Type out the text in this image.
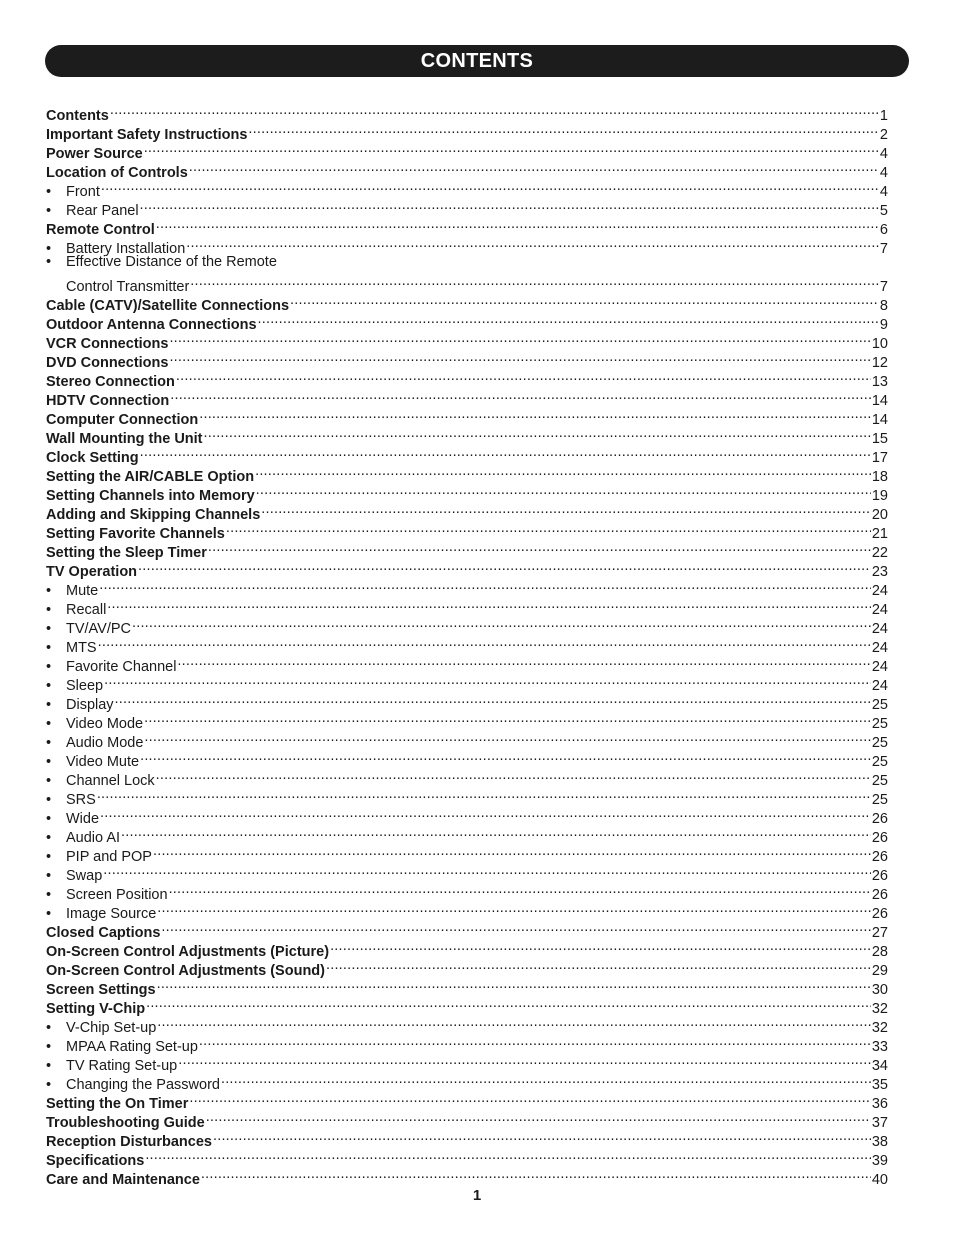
CONTENTS
Contents .....	1
Important Safety Instructions .....	2
Power Source .....	4
Location of Controls .....	4
•	Front .....	4
•	Rear Panel .....	5
Remote Control .....	6
•	Battery Installation .....	7
•	Effective Distance of the Remote
Control Transmitter .....	7
Cable (CATV)/Satellite Connections .....	8
Outdoor Antenna Connections .....	9
VCR Connections .....	10
DVD Connections .....	12
Stereo Connection .....	13
HDTV Connection .....	14
Computer Connection .....	14
Wall Mounting the Unit .....	15
Clock Setting .....	17
Setting the AIR/CABLE Option .....	18
Setting Channels into Memory .....	19
Adding and Skipping Channels .....	20
Setting Favorite Channels .....	21
Setting the Sleep Timer .....	22
TV Operation .....	23
•	Mute .....	24
•	Recall .....	24
•	TV/AV/PC .....	24
•	MTS .....	24
•	Favorite Channel .....	24
•	Sleep .....	24
•	Display .....	25
•	Video Mode .....	25
•	Audio Mode .....	25
•	Video Mute .....	25
•	Channel Lock .....	25
•	SRS .....	25
•	Wide .....	26
•	Audio AI .....	26
•	PIP and POP .....	26
•	Swap .....	26
•	Screen Position .....	26
•	Image Source .....	26
Closed Captions .....	27
On-Screen Control Adjustments (Picture) .....	28
On-Screen Control Adjustments (Sound) .....	29
Screen Settings .....	30
Setting V-Chip .....	32
•	V-Chip Set-up .....	32
•	MPAA Rating Set-up .....	33
•	TV Rating Set-up .....	34
•	Changing the Password .....	35
Setting the On Timer .....	36
Troubleshooting Guide .....	37
Reception Disturbances .....	38
Specifications .....	39
Care and Maintenance .....	40
1
